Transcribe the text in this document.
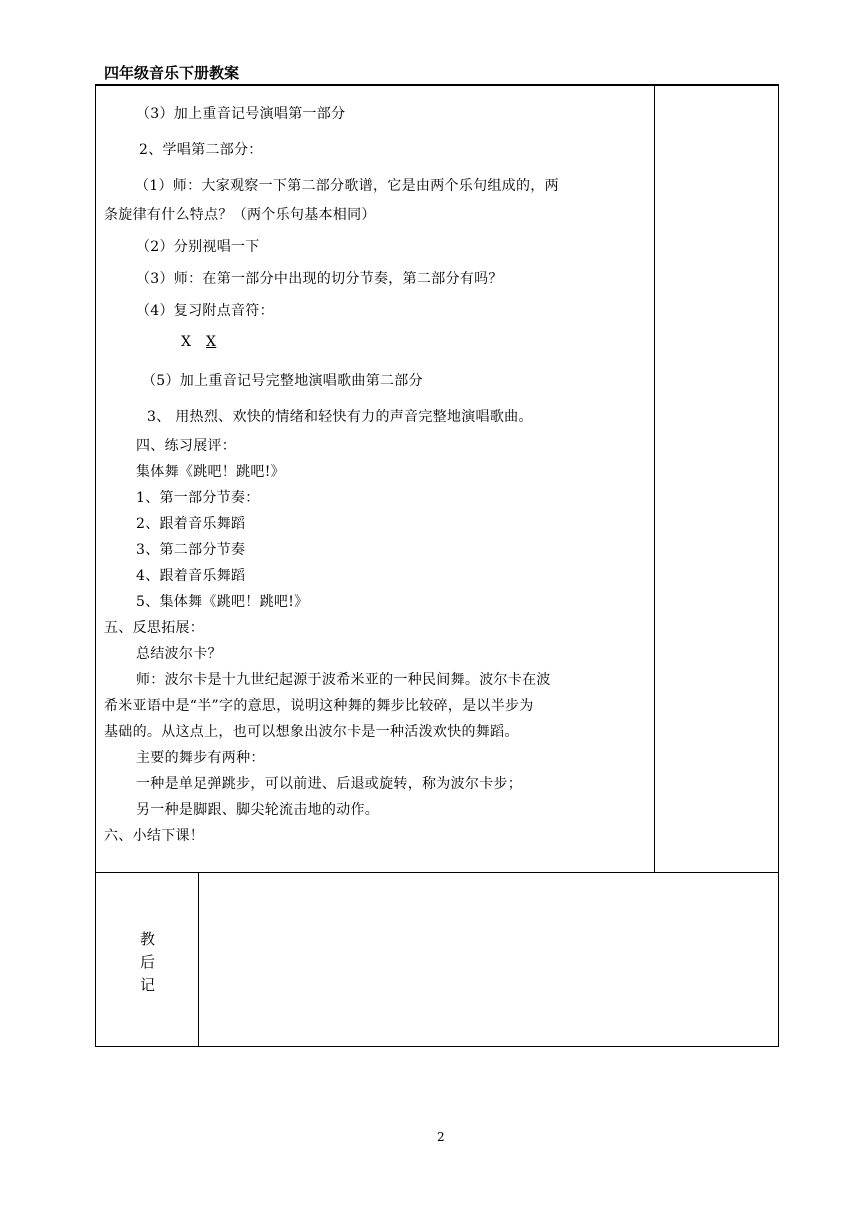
四年级音乐下册教案
（3）加上重音记号演唱第一部分
2、学唱第二部分：
（1）师：大家观察一下第二部分歌谱，它是由两个乐句组成的，两
条旋律有什么特点？（两个乐句基本相同）
（2）分别视唱一下
（3）师：在第一部分中出现的切分节奏，第二部分有吗？
（4）复习附点音符：
X X
（5）加上重音记号完整地演唱歌曲第二部分
3、 用热烈、欢快的情绪和轻快有力的声音完整地演唱歌曲。
四、练习展评：
集体舞《跳吧！跳吧!》
1、第一部分节奏：
2、跟着音乐舞蹈
3、第二部分节奏
4、跟着音乐舞蹈
5、集体舞《跳吧！跳吧!》
五、反思拓展：
总结波尔卡？
师：波尔卡是十九世纪起源于波希米亚的一种民间舞。波尔卡在波
希米亚语中是“半”字的意思，说明这种舞的舞步比较碎，是以半步为
基础的。从这点上，也可以想象出波尔卡是一种活泼欢快的舞蹈。
主要的舞步有两种：
一种是单足弹跳步，可以前进、后退或旋转，称为波尔卡步；
另一种是脚跟、脚尖轮流击地的动作。
六、小结下课！
教
后
记
2
